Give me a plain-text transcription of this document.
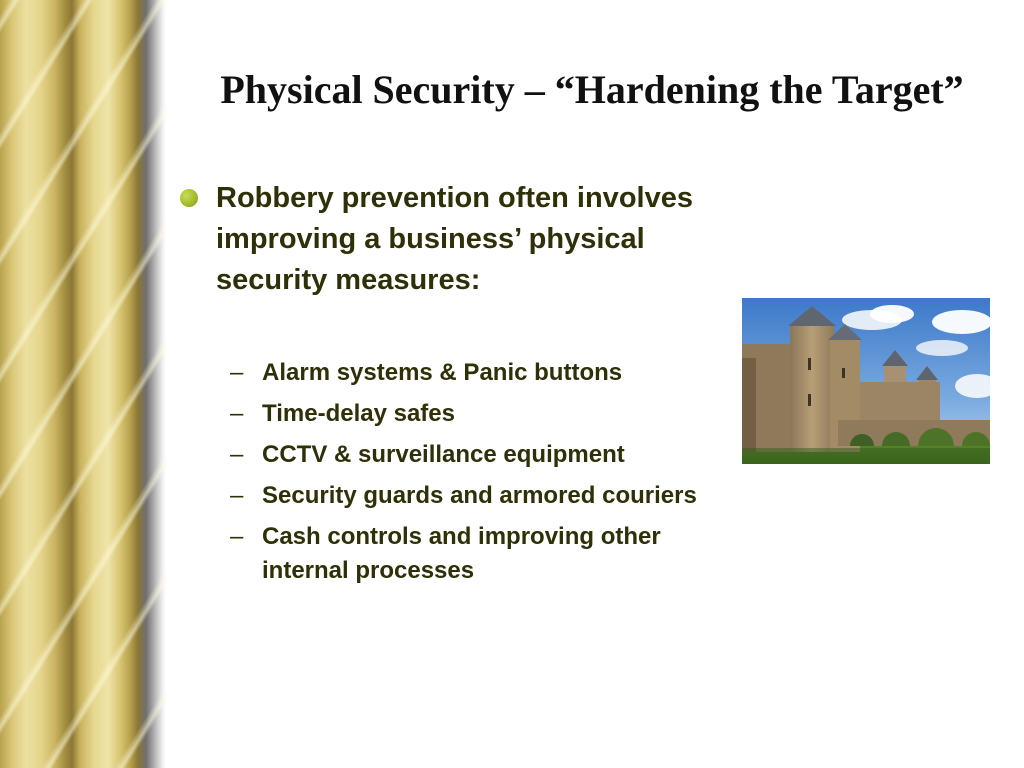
Physical Security – “Hardening the Target”

Robbery prevention often involves improving a business’ physical security measures:

– Alarm systems & Panic buttons
– Time-delay safes
– CCTV & surveillance equipment
– Security guards and armored couriers
– Cash controls and improving other internal processes
